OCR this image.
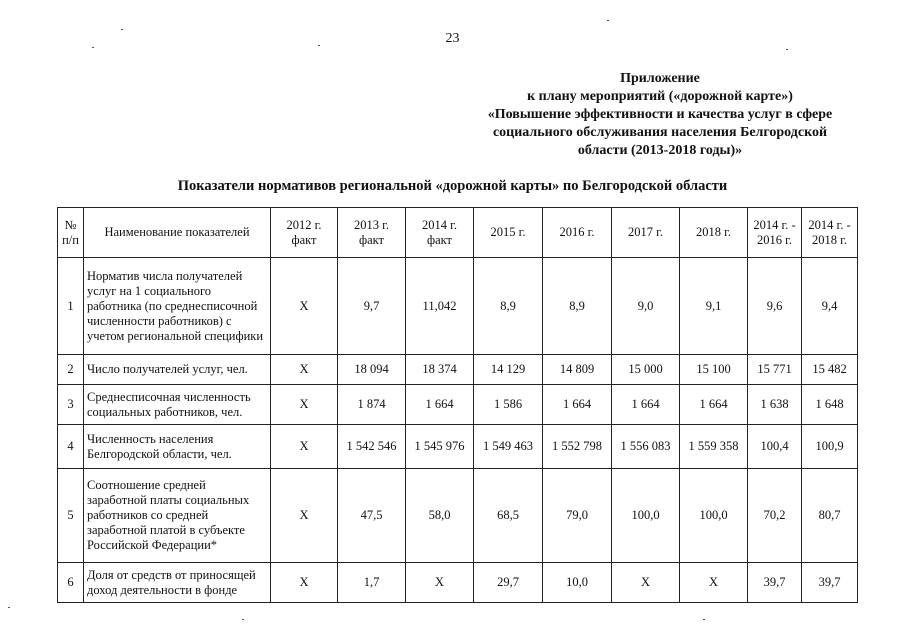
23
Приложение
к плану мероприятий («дорожной карте»)
«Повышение эффективности и качества услуг в сфере
социального обслуживания населения Белгородской
области (2013-2018 годы)»
Показатели нормативов региональной «дорожной карты» по Белгородской области
№ п/п	Наименование показателей	2012 г. факт	2013 г. факт	2014 г. факт	2015 г.	2016 г.	2017 г.	2018 г.	2014 г. - 2016 г.	2014 г. - 2018 г.
1	Норматив числа получателей услуг на 1 социального работника (по среднесписочной численности работников) с учетом региональной специфики	Х	9,7	11,042	8,9	8,9	9,0	9,1	9,6	9,4
2	Число получателей услуг, чел.	Х	18 094	18 374	14 129	14 809	15 000	15 100	15 771	15 482
3	Среднесписочная численность социальных работников, чел.	Х	1 874	1 664	1 586	1 664	1 664	1 664	1 638	1 648
4	Численность населения Белгородской области, чел.	Х	1 542 546	1 545 976	1 549 463	1 552 798	1 556 083	1 559 358	100,4	100,9
5	Соотношение средней заработной платы социальных работников со средней заработной платой в субъекте Российской Федерации*	Х	47,5	58,0	68,5	79,0	100,0	100,0	70,2	80,7
6	Доля от средств от приносящей доход деятельности в фонде	Х	1,7	Х	29,7	10,0	Х	Х	39,7	39,7
